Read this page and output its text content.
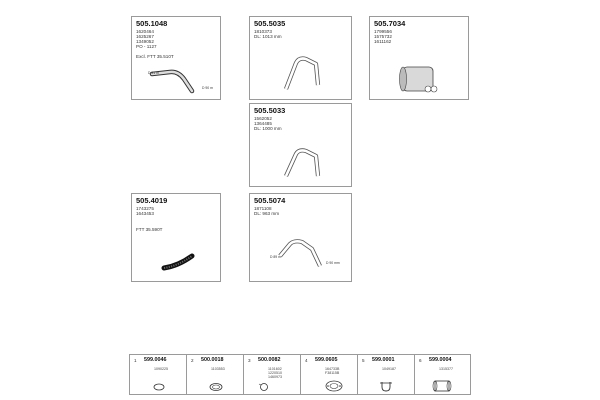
505.1048
1620464
1625267
1349052
PO - 1127
Excl. FTT 35.510T
D 81 m
D 90 m
505.5035
1810373
DL: 1013 mm
505.7034
1799556
1575732
1611162
505.5033
1562052
1364485
DL: 1000 mm
505.4019
1743275
1643453
FTT 35.590T
505.5074
1871108
DL: 963 mm
D 89 m
D 90 mm
1 599.0046
1090225
2 500.0018
1103553
3 500.0082
1101602
1220510
1460973
4 599.0605
164733B
F38115B
5 599.0001
1049187
6 599.0004
1315377
